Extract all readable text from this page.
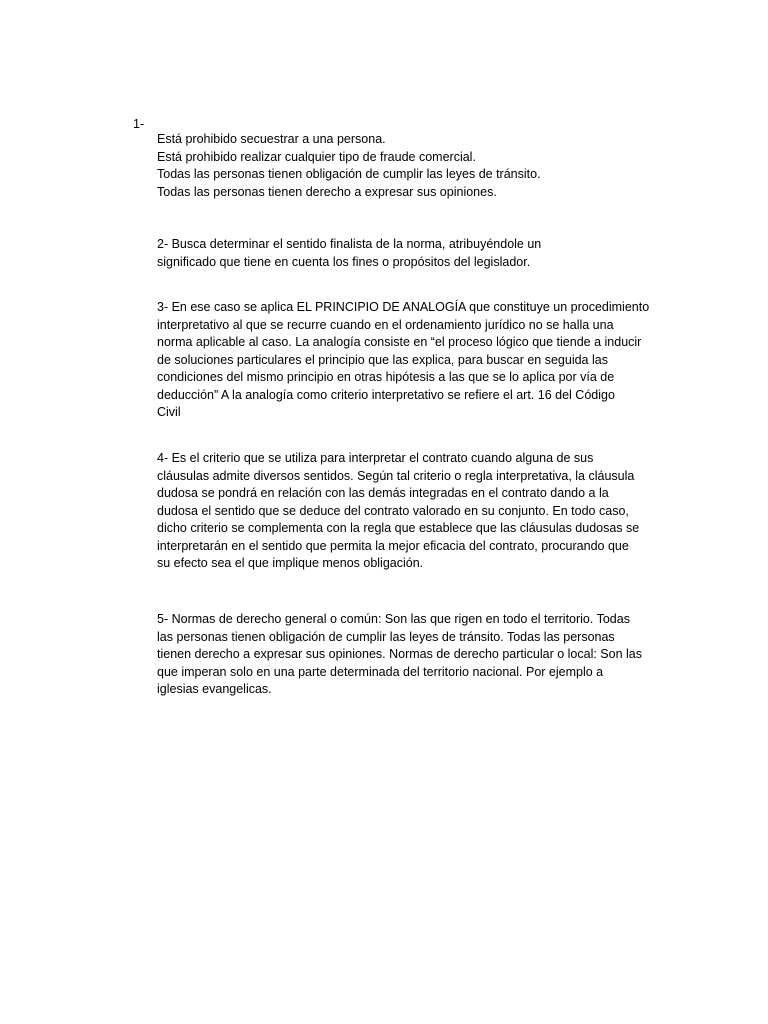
1-
Está prohibido secuestrar a una persona.
Está prohibido realizar cualquier tipo de fraude comercial.
Todas las personas tienen obligación de cumplir las leyes de tránsito.
Todas las personas tienen derecho a expresar sus opiniones.
2- Busca determinar el sentido finalista de la norma, atribuyéndole un
significado que tiene en cuenta los fines o propósitos del legislador.
3- En ese caso se aplica EL PRINCIPIO DE ANALOGÍA que constituye un procedimiento
interpretativo al que se recurre cuando en el ordenamiento jurídico no se halla una
norma aplicable al caso. La analogía consiste en “el proceso lógico que tiende a inducir
de soluciones particulares el principio que las explica, para buscar en seguida las
condiciones del mismo principio en otras hipótesis a las que se lo aplica por vía de
deducción” A la analogía como criterio interpretativo se refiere el art. 16 del Código
Civil
4- Es el criterio que se utiliza para interpretar el contrato cuando alguna de sus
cláusulas admite diversos sentidos. Según tal criterio o regla interpretativa, la cláusula
dudosa se pondrá en relación con las demás integradas en el contrato dando a la
dudosa el sentido que se deduce del contrato valorado en su conjunto. En todo caso,
dicho criterio se complementa con la regla que establece que las cláusulas dudosas se
interpretarán en el sentido que permita la mejor eficacia del contrato, procurando que
su efecto sea el que implique menos obligación.
5- Normas de derecho general o común: Son las que rigen en todo el territorio. Todas
las personas tienen obligación de cumplir las leyes de tránsito. Todas las personas
tienen derecho a expresar sus opiniones. Normas de derecho particular o local: Son las
que imperan solo en una parte determinada del territorio nacional. Por ejemplo a
iglesias evangelicas.
